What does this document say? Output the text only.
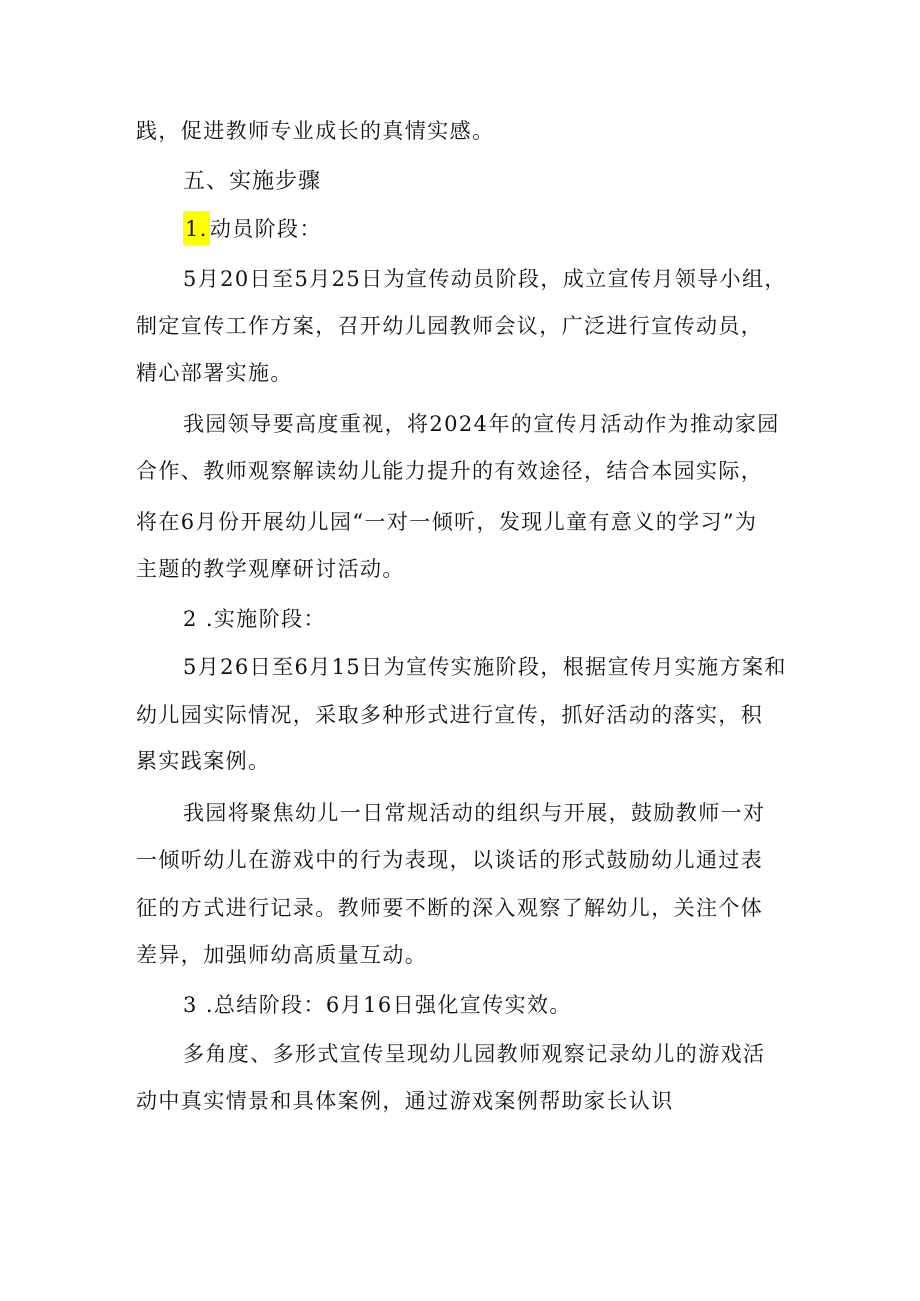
践，促进教师专业成长的真情实感。
五、实施步骤
1.动员阶段：
5月20日至5月25日为宣传动员阶段，成立宣传月领导小组，
制定宣传工作方案，召开幼儿园教师会议，广泛进行宣传动员，
精心部署实施。
我园领导要高度重视，将2024年的宣传月活动作为推动家园
合作、教师观察解读幼儿能力提升的有效途径，结合本园实际，
将在6月份开展幼儿园“一对一倾听，发现儿童有意义的学习”为
主题的教学观摩研讨活动。
2 .实施阶段：
5月26日至6月15日为宣传实施阶段，根据宣传月实施方案和
幼儿园实际情况，采取多种形式进行宣传，抓好活动的落实，积
累实践案例。
我园将聚焦幼儿一日常规活动的组织与开展，鼓励教师一对
一倾听幼儿在游戏中的行为表现，以谈话的形式鼓励幼儿通过表
征的方式进行记录。教师要不断的深入观察了解幼儿，关注个体
差异，加强师幼高质量互动。
3 .总结阶段：6月16日强化宣传实效。
多角度、多形式宣传呈现幼儿园教师观察记录幼儿的游戏活
动中真实情景和具体案例，通过游戏案例帮助家长认识
